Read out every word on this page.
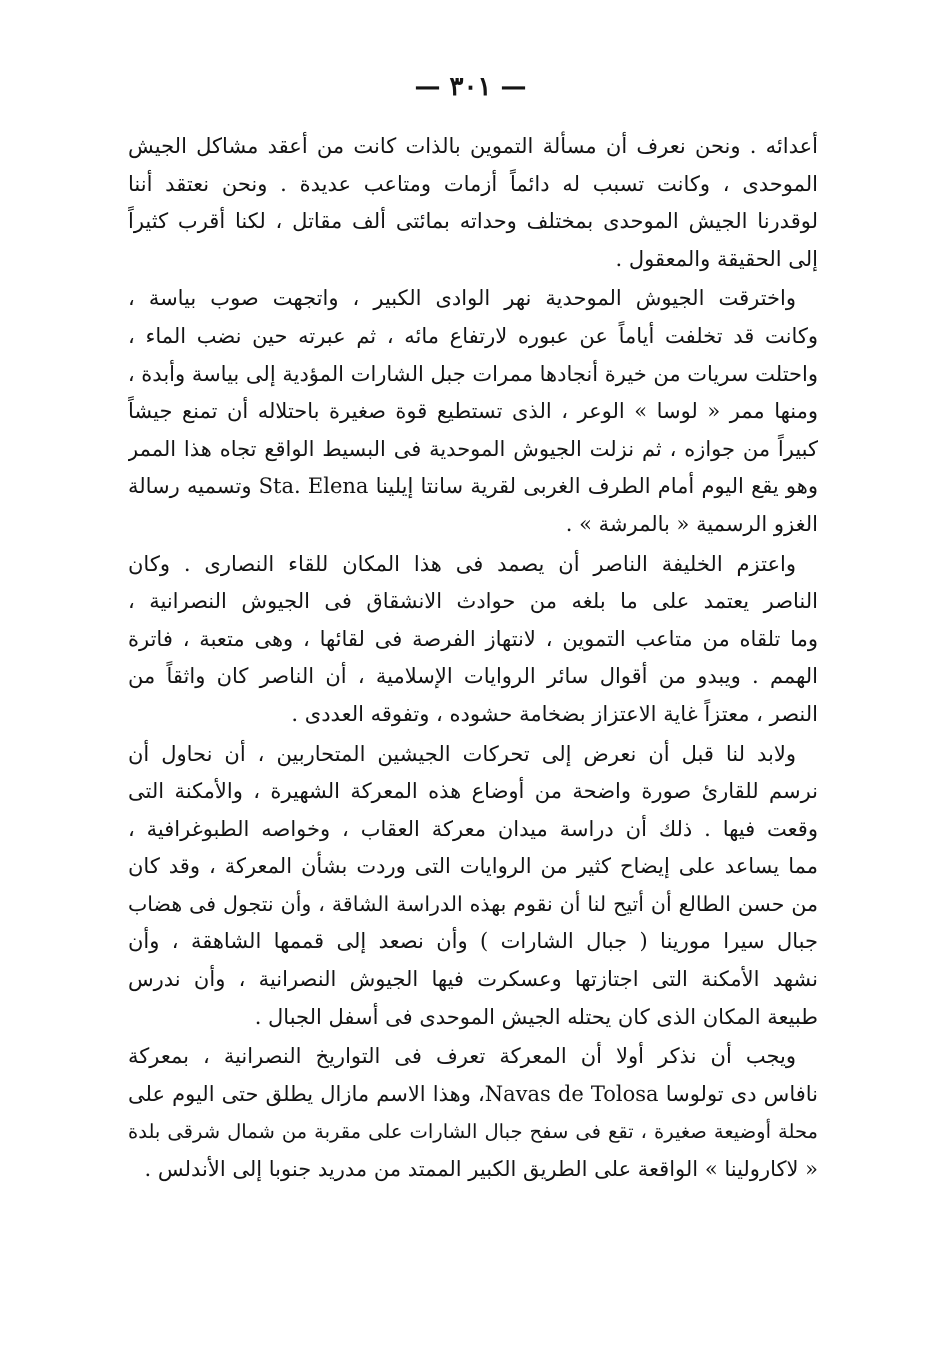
— ٣٠١ —
أعدائه . ونحن نعرف أن مسألة التموين بالذات كانت من أعقد مشاكل الجيش
الموحدى ، وكانت تسبب له دائماً أزمات ومتاعب عديدة . ونحن نعتقد أننا
لوقدرنا الجيش الموحدى بمختلف وحداته بمائتى ألف مقاتل ، لكنا أقرب كثيراً
إلى الحقيقة والمعقول .
واخترقت الجيوش الموحدية نهر الوادى الكبير ، واتجهت صوب بياسة ،
وكانت قد تخلفت أياماً عن عبوره لارتفاع مائه ، ثم عبرته حين نضب الماء ،
واحتلت سريات من خيرة أنجادها ممرات جبل الشارات المؤدية إلى بياسة وأبدة ،
ومنها ممر « لوسا » الوعر ، الذى تستطيع قوة صغيرة باحتلاله أن تمنع جيشاً
كبيراً من جوازه ، ثم نزلت الجيوش الموحدية فى البسيط الواقع تجاه هذا الممر
وهو يقع اليوم أمام الطرف الغربى لقرية سانتا إيلينا Sta. Elena وتسميه رسالة
الغزو الرسمية « بالمرشة » .
واعتزم الخليفة الناصر أن يصمد فى هذا المكان للقاء النصارى . وكان
الناصر يعتمد على ما بلغه من حوادث الانشقاق فى الجيوش النصرانية ،
وما تلقاه من متاعب التموين ، لانتهاز الفرصة فى لقائها ، وهى متعبة ، فاترة
الهمم . ويبدو من أقوال سائر الروايات الإسلامية ، أن الناصر كان واثقاً من
النصر ، معتزاً غاية الاعتزاز بضخامة حشوده ، وتفوقه العددى .
ولابد لنا قبل أن نعرض إلى تحركات الجيشين المتحاربين ، أن نحاول أن
نرسم للقارئ صورة واضحة من أوضاع هذه المعركة الشهيرة ، والأمكنة التى
وقعت فيها . ذلك أن دراسة ميدان معركة العقاب ، وخواصه الطبوغرافية ،
مما يساعد على إيضاح كثير من الروايات التى وردت بشأن المعركة ، وقد كان
من حسن الطالع أن أتيح لنا أن نقوم بهذه الدراسة الشاقة ، وأن نتجول فى هضاب
جبال سيرا مورينا ( جبال الشارات ) وأن نصعد إلى قممها الشاهقة ، وأن
نشهد الأمكنة التى اجتازتها وعسكرت فيها الجيوش النصرانية ، وأن ندرس
طبيعة المكان الذى كان يحتله الجيش الموحدى فى أسفل الجبال .
ويجب أن نذكر أولا أن المعركة تعرف فى التواريخ النصرانية ، بمعركة
نافاس دى تولوسا Navas de Tolosa، وهذا الاسم مازال يطلق حتى اليوم على
محلة أوضيعة صغيرة ، تقع فى سفح جبال الشارات على مقربة من شمال شرقى بلدة
« لاكارولينا » الواقعة على الطريق الكبير الممتد من مدريد جنوبا إلى الأندلس .
